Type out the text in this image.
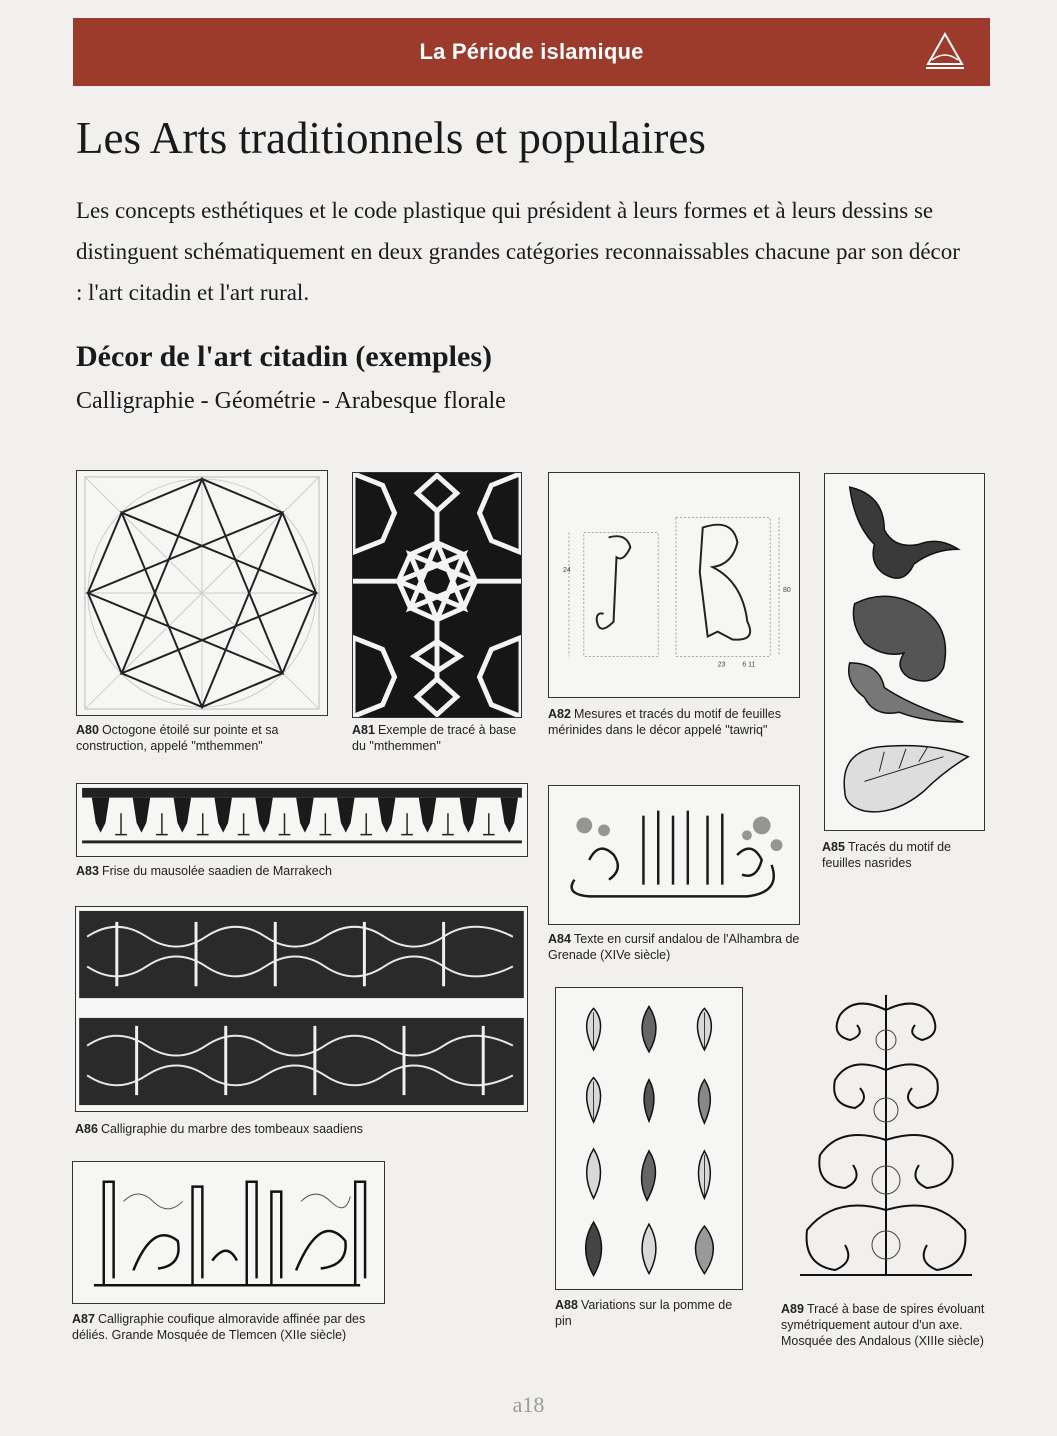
La Période islamique
Les Arts traditionnels et populaires

Les concepts esthétiques et le code plastique qui président à leurs formes et à leurs dessins se distinguent schématiquement en deux grandes catégories reconnaissables chacune par son décor : l'art citadin et l'art rural.

Décor de l'art citadin (exemples)

Calligraphie - Géométrie - Arabesque florale

A80 Octogone étoilé sur pointe et sa construction, appelé "mthemmen"
A81 Exemple de tracé à base du "mthemmen"
24
80
23 6 11
A82 Mesures et tracés du motif de feuilles mérinides dans le décor appelé "tawriq"
A85 Tracés du motif de feuilles nasrides
A83 Frise du mausolée saadien de Marrakech
A84 Texte en cursif andalou de l'Alhambra de Grenade (XIVe siècle)
A86 Calligraphie du marbre des tombeaux saadiens
A87 Calligraphie coufique almoravide affinée par des déliés. Grande Mosquée de Tlemcen (XIIe siècle)
A88 Variations sur la pomme de pin
A89 Tracé à base de spires évoluant symétriquement autour d'un axe. Mosquée des Andalous (XIIIe siècle)
a18
